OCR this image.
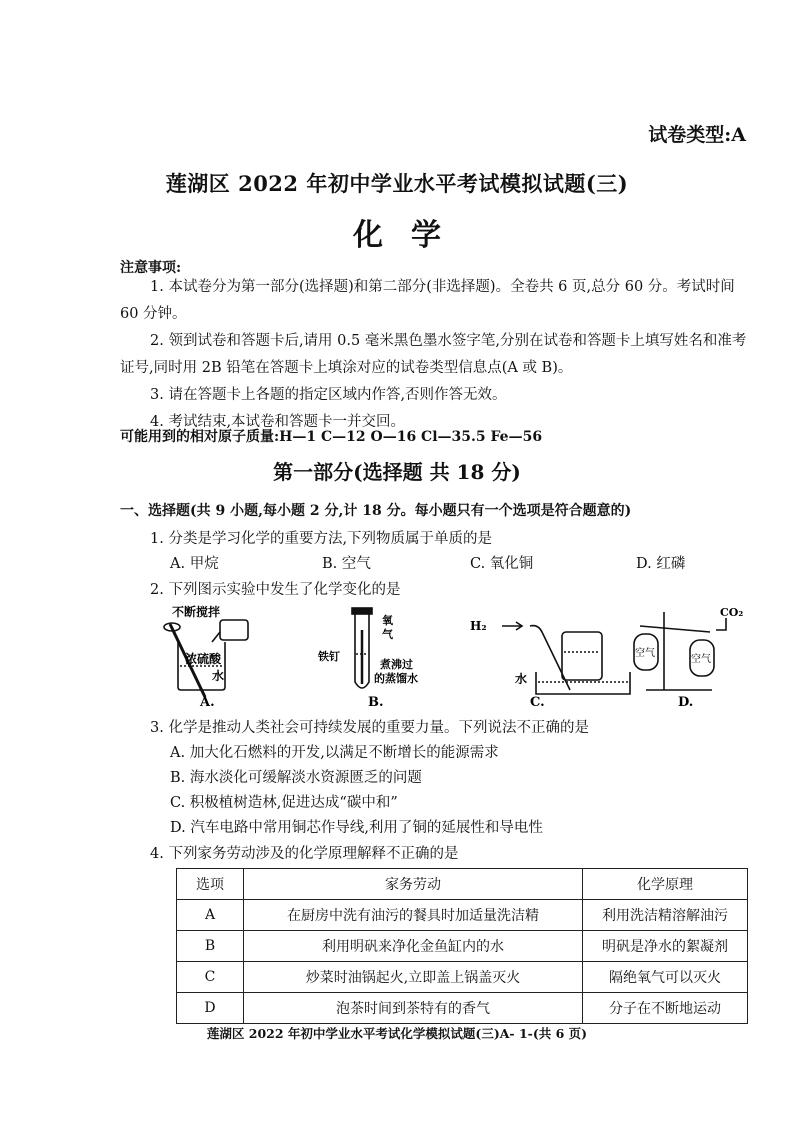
试卷类型:A
莲湖区 2022 年初中学业水平考试模拟试题(三)
化学
注意事项:

1. 本试卷分为第一部分(选择题)和第二部分(非选择题)。全卷共 6 页,总分 60 分。考试时间 60 分钟。

2. 领到试卷和答题卡后,请用 0.5 毫米黑色墨水签字笔,分别在试卷和答题卡上填写姓名和准考证号,同时用 2B 铅笔在答题卡上填涂对应的试卷类型信息点(A 或 B)。

3. 请在答题卡上各题的指定区域内作答,否则作答无效。

4. 考试结束,本试卷和答题卡一并交回。

可能用到的相对原子质量:H—1 C—12 O—16 Cl—35.5 Fe—56
第一部分(选择题 共 18 分)
一、选择题(共 9 小题,每小题 2 分,计 18 分。每小题只有一个选项是符合题意的)
1. 分类是学习化学的重要方法,下列物质属于单质的是
A. 甲烷	B. 空气	C. 氧化铜	D. 红磷
2. 下列图示实验中发生了化学变化的是
不断搅拌
浓硫酸
水
A.
氧
气
铁钉
煮沸过
的蒸馏水
B.
H₂
水
C.
CO₂
空气
空气
D.
3. 化学是推动人类社会可持续发展的重要力量。下列说法不正确的是
A. 加大化石燃料的开发,以满足不断增长的能源需求
B. 海水淡化可缓解淡水资源匮乏的问题
C. 积极植树造林,促进达成“碳中和”
D. 汽车电路中常用铜芯作导线,利用了铜的延展性和导电性
4. 下列家务劳动涉及的化学原理解释不正确的是
选项	家务劳动	化学原理
A	在厨房中洗有油污的餐具时加适量洗洁精	利用洗洁精溶解油污
B	利用明矾来净化金鱼缸内的水	明矾是净水的絮凝剂
C	炒菜时油锅起火,立即盖上锅盖灭火	隔绝氧气可以灭火
D	泡茶时间到茶特有的香气	分子在不断地运动
莲湖区 2022 年初中学业水平考试化学模拟试题(三)A- 1-(共 6 页)
